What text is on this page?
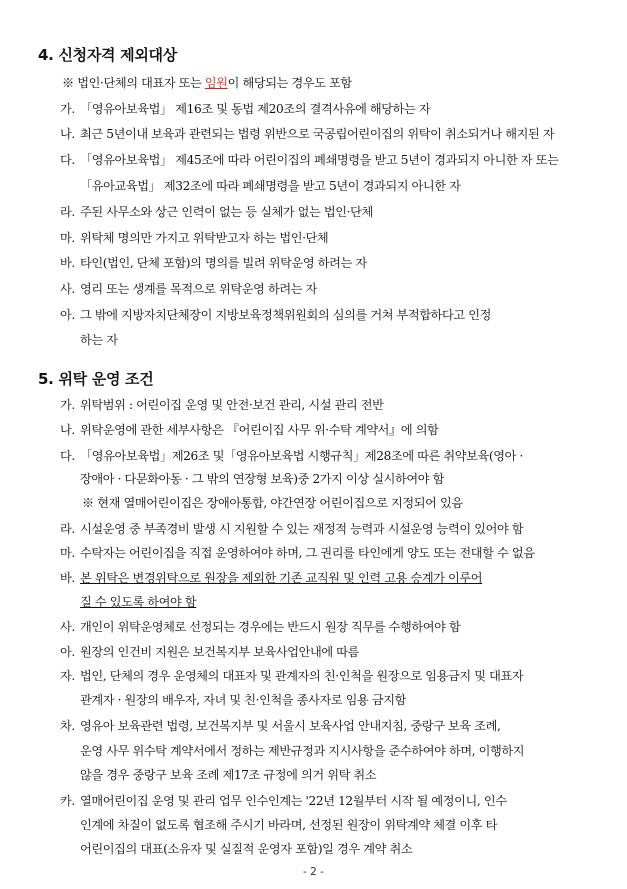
4. 신청자격 제외대상
※ 법인·단체의 대표자 또는 임원이 해당되는 경우도 포함
가. 「영유아보육법」 제16조 및 동법 제20조의 결격사유에 해당하는 자
나. 최근 5년이내 보육과 관련되는 법령 위반으로 국공립어린이집의 위탁이 취소되거나 해지된 자
다. 「영유아보육법」 제45조에 따라 어린이집의 폐쇄명령을 받고 5년이 경과되지 아니한 자 또는
「유아교육법」 제32조에 따라 폐쇄명령을 받고 5년이 경과되지 아니한 자
라. 주된 사무소와 상근 인력이 없는 등 실체가 없는 법인·단체
마. 위탁체 명의만 가지고 위탁받고자 하는 법인·단체
바. 타인(법인, 단체 포함)의 명의를 빌려 위탁운영 하려는 자
사. 영리 또는 생계를 목적으로 위탁운영 하려는 자
아. 그 밖에 지방자치단체장이 지방보육정책위원회의 심의를 거쳐 부적합하다고 인정
하는 자
5. 위탁 운영 조건
가. 위탁범위 : 어린이집 운영 및 안전·보건 관리, 시설 관리 전반
나. 위탁운영에 관한 세부사항은 『어린이집 사무 위·수탁 계약서』에 의함
다. 「영유아보육법」제26조 및「영유아보육법 시행규칙」제28조에 따른 취약보육(영아 ·
장애아 · 다문화아동 · 그 밖의 연장형 보육)중 2가지 이상 실시하여야 함
※ 현재 열매어린이집은 장애아통합, 야간연장 어린이집으로 지정되어 있음
라. 시설운영 중 부족경비 발생 시 지원할 수 있는 재정적 능력과 시설운영 능력이 있어야 함
마. 수탁자는 어린이집을 직접 운영하여야 하며, 그 권리를 타인에게 양도 또는 전대할 수 없음
바. 본 위탁은 변경위탁으로 원장을 제외한 기존 교직원 및 인력 고용 승계가 이루어
질 수 있도록 하여야 함
사. 개인이 위탁운영체로 선정되는 경우에는 반드시 원장 직무를 수행하여야 함
아. 원장의 인건비 지원은 보건복지부 보육사업안내에 따름
자. 법인, 단체의 경우 운영체의 대표자 및 관계자의 친·인척을 원장으로 임용금지 및 대표자
관계자 · 원장의 배우자, 자녀 및 친·인척을 종사자로 임용 금지함
차. 영유아 보육관련 법령, 보건복지부 및 서울시 보육사업 안내지침, 중랑구 보육 조례,
운영 사무 위수탁 계약서에서 정하는 제반규정과 지시사항을 준수하여야 하며, 이행하지
않을 경우 중랑구 보육 조례 제17조 규정에 의거 위탁 취소
카. 열매어린이집 운영 및 관리 업무 인수인계는 '22년 12월부터 시작 될 예정이니, 인수
인계에 차질이 없도록 협조해 주시기 바라며, 선정된 원장이 위탁계약 체결 이후 타
어린이집의 대표(소유자 및 실질적 운영자 포함)일 경우 계약 취소
- 2 -
